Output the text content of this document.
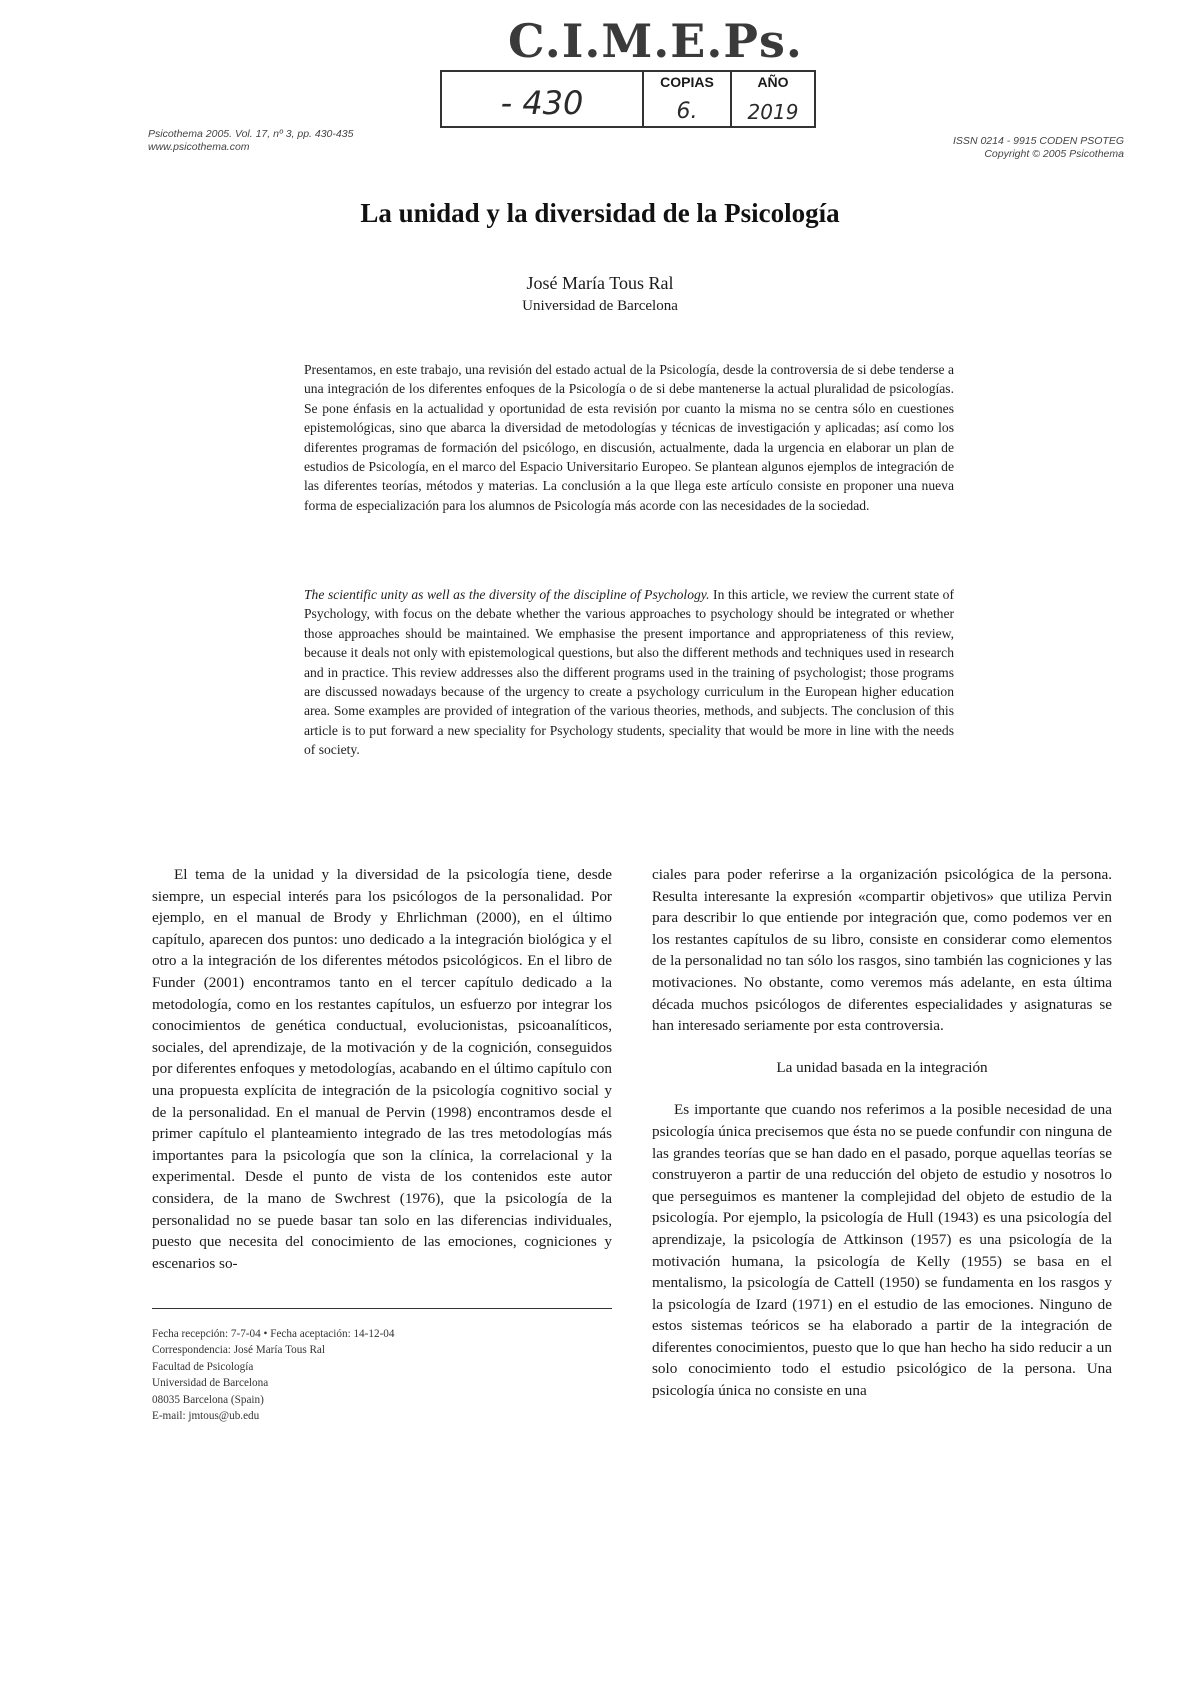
C.I.M.E.Ps.
- 430
COPIAS
6.
AÑO
2019
Psicothema 2005. Vol. 17, nº 3, pp. 430-435
www.psicothema.com	ISSN 0214 - 9915 CODEN PSOTEG
Copyright © 2005 Psicothema
La unidad y la diversidad de la Psicología
José María Tous Ral
Universidad de Barcelona
Presentamos, en este trabajo, una revisión del estado actual de la Psicología, desde la controversia de si debe tenderse a una integración de los diferentes enfoques de la Psicología o de si debe mantenerse la actual pluralidad de psicologías. Se pone énfasis en la actualidad y oportunidad de esta revisión por cuanto la misma no se centra sólo en cuestiones epistemológicas, sino que abarca la diversidad de metodologías y técnicas de investigación y aplicadas; así como los diferentes programas de formación del psicólogo, en discusión, actualmente, dada la urgencia en elaborar un plan de estudios de Psicología, en el marco del Espacio Universitario Europeo. Se plantean algunos ejemplos de integración de las diferentes teorías, métodos y materias. La conclusión a la que llega este artículo consiste en proponer una nueva forma de especialización para los alumnos de Psicología más acorde con las necesidades de la sociedad.
The scientific unity as well as the diversity of the discipline of Psychology. In this article, we review the current state of Psychology, with focus on the debate whether the various approaches to psychology should be integrated or whether those approaches should be maintained. We emphasise the present importance and appropriateness of this review, because it deals not only with epistemological questions, but also the different methods and techniques used in research and in practice. This review addresses also the different programs used in the training of psychologist; those programs are discussed nowadays because of the urgency to create a psychology curriculum in the European higher education area. Some examples are provided of integration of the various theories, methods, and subjects. The conclusion of this article is to put forward a new speciality for Psychology students, speciality that would be more in line with the needs of society.

El tema de la unidad y la diversidad de la psicología tiene, desde siempre, un especial interés para los psicólogos de la personalidad. Por ejemplo, en el manual de Brody y Ehrlichman (2000), en el último capítulo, aparecen dos puntos: uno dedicado a la integración biológica y el otro a la integración de los diferentes métodos psicológicos. En el libro de Funder (2001) encontramos tanto en el tercer capítulo dedicado a la metodología, como en los restantes capítulos, un esfuerzo por integrar los conocimientos de genética conductual, evolucionistas, psicoanalíticos, sociales, del aprendizaje, de la motivación y de la cognición, conseguidos por diferentes enfoques y metodologías, acabando en el último capítulo con una propuesta explícita de integración de la psicología cognitivo social y de la personalidad. En el manual de Pervin (1998) encontramos desde el primer capítulo el planteamiento integrado de las tres metodologías más importantes para la psicología que son la clínica, la correlacional y la experimental. Desde el punto de vista de los contenidos este autor considera, de la mano de Swchrest (1976), que la psicología de la personalidad no se puede basar tan solo en las diferencias individuales, puesto que necesita del conocimiento de las emociones, cogniciones y escenarios so-

ciales para poder referirse a la organización psicológica de la persona. Resulta interesante la expresión «compartir objetivos» que utiliza Pervin para describir lo que entiende por integración que, como podemos ver en los restantes capítulos de su libro, consiste en considerar como elementos de la personalidad no tan sólo los rasgos, sino también las cogniciones y las motivaciones. No obstante, como veremos más adelante, en esta última década muchos psicólogos de diferentes especialidades y asignaturas se han interesado seriamente por esta controversia.

La unidad basada en la integración

Es importante que cuando nos referimos a la posible necesidad de una psicología única precisemos que ésta no se puede confundir con ninguna de las grandes teorías que se han dado en el pasado, porque aquellas teorías se construyeron a partir de una reducción del objeto de estudio y nosotros lo que perseguimos es mantener la complejidad del objeto de estudio de la psicología. Por ejemplo, la psicología de Hull (1943) es una psicología del aprendizaje, la psicología de Attkinson (1957) es una psicología de la motivación humana, la psicología de Kelly (1955) se basa en el mentalismo, la psicología de Cattell (1950) se fundamenta en los rasgos y la psicología de Izard (1971) en el estudio de las emociones. Ninguno de estos sistemas teóricos se ha elaborado a partir de la integración de diferentes conocimientos, puesto que lo que han hecho ha sido reducir a un solo conocimiento todo el estudio psicológico de la persona. Una psicología única no consiste en una

Fecha recepción: 7-7-04 • Fecha aceptación: 14-12-04
Correspondencia: José María Tous Ral
Facultad de Psicología
Universidad de Barcelona
08035 Barcelona (Spain)
E-mail: jmtous@ub.edu
